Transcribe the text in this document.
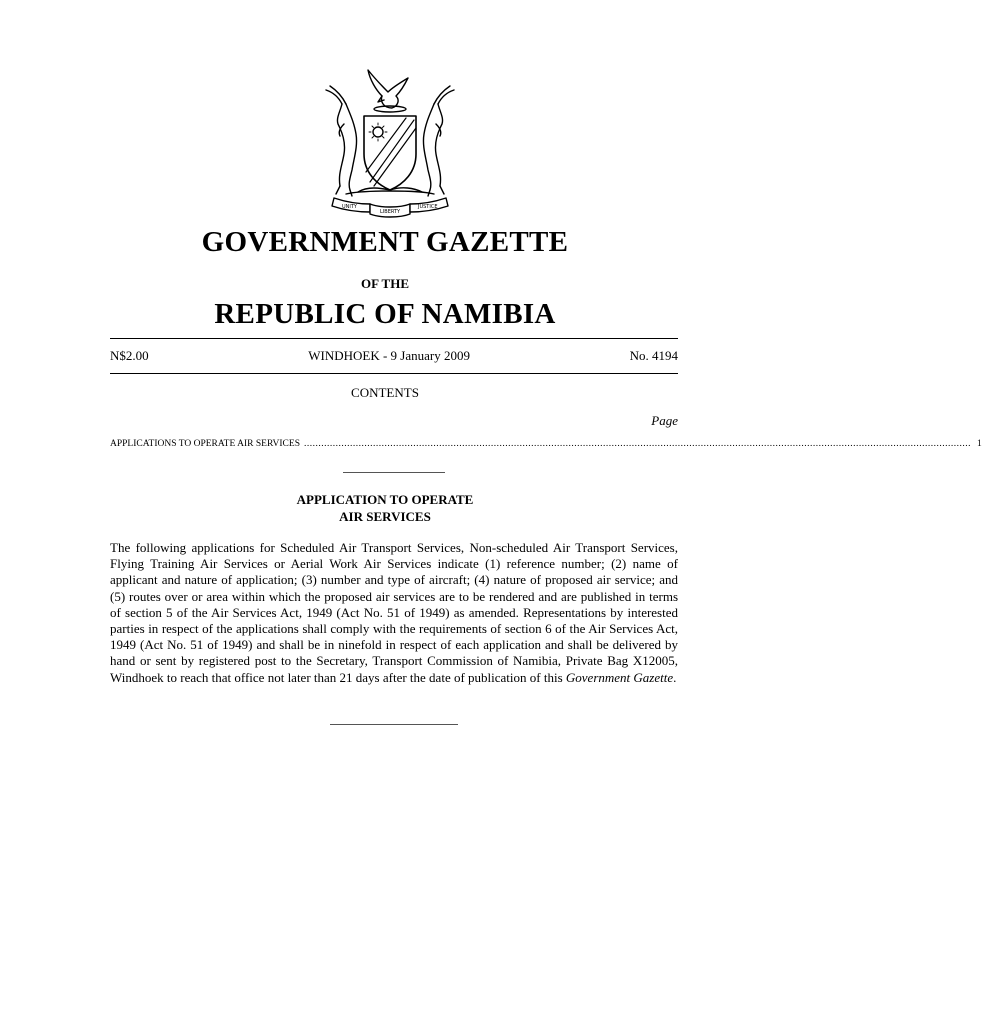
UNITY
LIBERTY
JUSTICE
GOVERNMENT GAZETTE
OF THE
REPUBLIC OF NAMIBIA
N$2.00	WINDHOEK - 9 January 2009	No. 4194
CONTENTS
Page
APPLICATIONS TO OPERATE AIR SERVICES ........................................................................................................................................................................................................................................ 1
APPLICATION TO OPERATE
AIR SERVICES

The following applications for Scheduled Air Transport Services, Non-scheduled Air Transport Services, Flying Training Air Services or Aerial Work Air Services indicate (1) reference number; (2) name of applicant and nature of application; (3) number and type of aircraft; (4) nature of proposed air service; and (5) routes over or area within which the proposed air services are to be rendered and are published in terms of section 5 of the Air Services Act, 1949 (Act No. 51 of 1949) as amended. Representations by interested parties in respect of the applications shall comply with the requirements of section 6 of the Air Services Act, 1949 (Act No. 51 of 1949) and shall be in ninefold in respect of each application and shall be delivered by hand or sent by registered post to the Secretary, Transport Commission of Namibia, Private Bag X12005, Windhoek to reach that office not later than 21 days after the date of publication of this Government Gazette.
